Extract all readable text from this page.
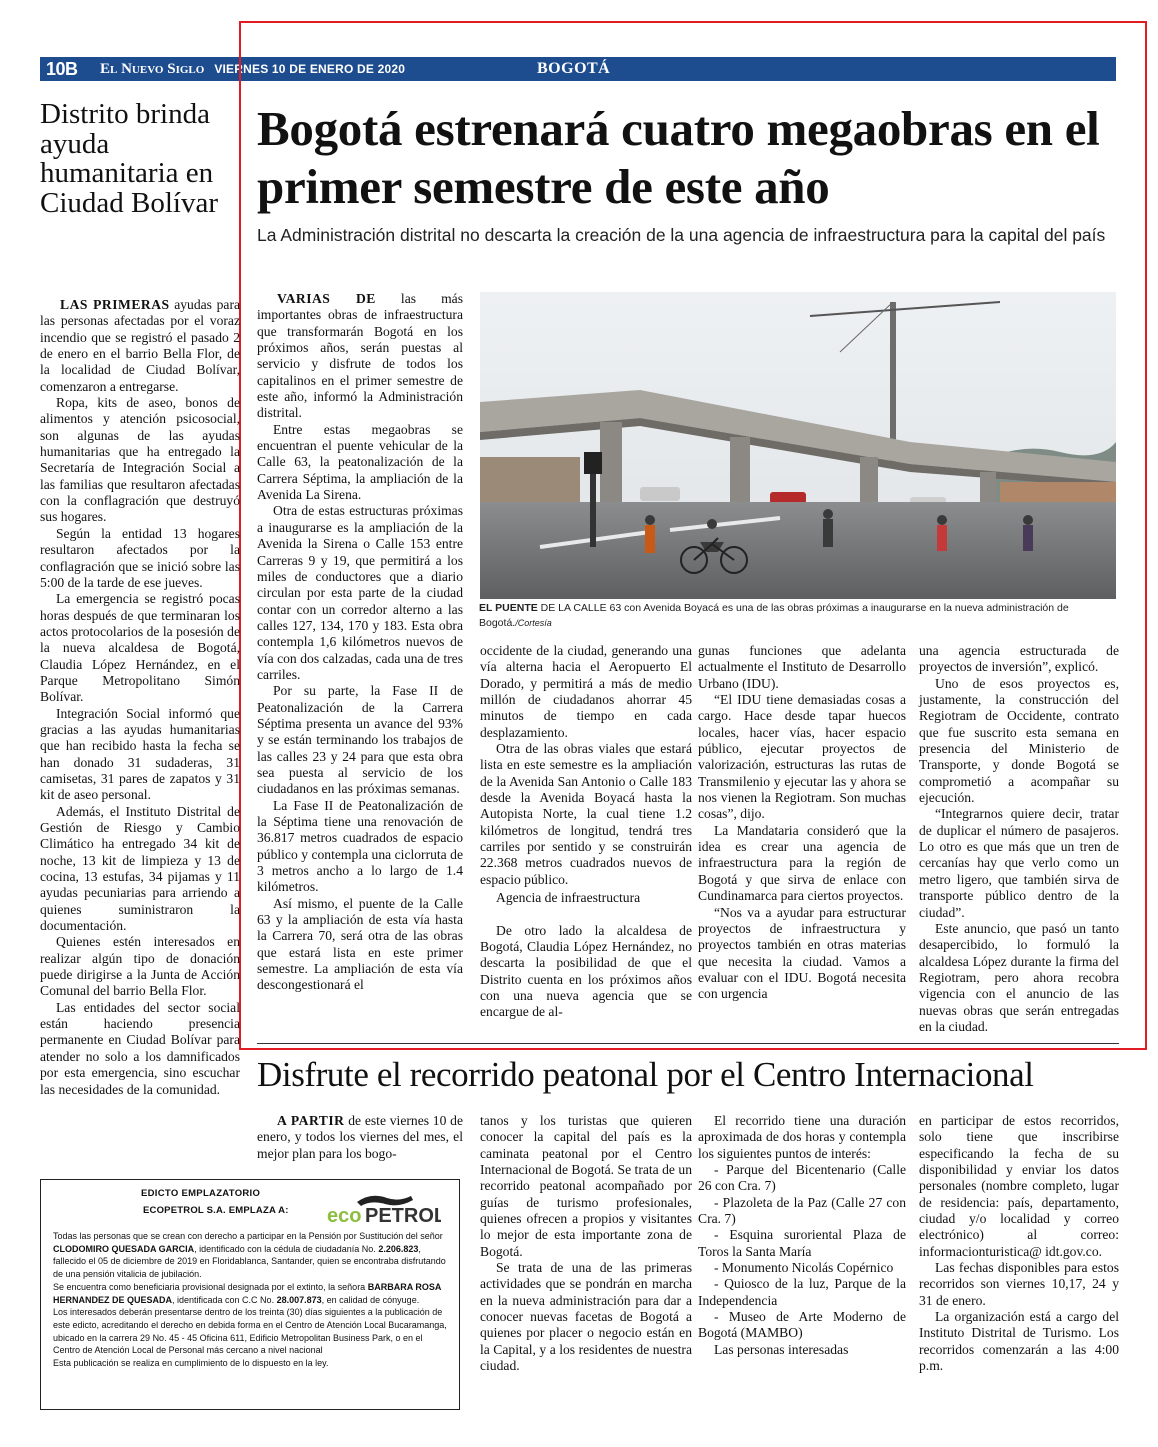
10B	El Nuevo Siglo VIERNES 10 DE ENERO DE 2020	BOGOTÁ
Distrito brinda ayuda humanitaria en Ciudad Bolívar

LAS PRIMERAS ayudas para las personas afectadas por el voraz incendio que se registró el pasado 2 de enero en el barrio Bella Flor, de la localidad de Ciudad Bolívar, comenzaron a entregarse.

Ropa, kits de aseo, bonos de alimentos y atención psicosocial, son algunas de las ayudas humanitarias que ha entregado la Secretaría de Integración Social a las familias que resultaron afectadas con la conflagración que destruyó sus hogares.

Según la entidad 13 hogares resultaron afectados por la conflagración que se inició sobre las 5:00 de la tarde de ese jueves.

La emergencia se registró pocas horas después de que terminaran los actos protocolarios de la posesión de la nueva alcaldesa de Bogotá, Claudia López Hernández, en el Parque Metropolitano Simón Bolívar.

Integración Social informó que gracias a las ayudas humanitarias que han recibido hasta la fecha se han donado 31 sudaderas, 31 camisetas, 31 pares de zapatos y 31 kit de aseo personal.

Además, el Instituto Distrital de Gestión de Riesgo y Cambio Climático ha entregado 34 kit de noche, 13 kit de limpieza y 13 de cocina, 13 estufas, 34 pijamas y 11 ayudas pecuniarias para arriendo a quienes suministraron la documentación.

Quienes estén interesados en realizar algún tipo de donación puede dirigirse a la Junta de Acción Comunal del barrio Bella Flor.

Las entidades del sector social están haciendo presencia permanente en Ciudad Bolívar para atender no solo a los damnificados por esta emergencia, sino escuchar las necesidades de la comunidad.

Bogotá estrenará cuatro megaobras en el primer semestre de este año
La Administración distrital no descarta la creación de la una agencia de infraestructura para la capital del país

VARIAS DE las más importantes obras de infraestructura que transformarán Bogotá en los próximos años, serán puestas al servicio y disfrute de todos los capitalinos en el primer semestre de este año, informó la Administración distrital.

Entre estas megaobras se encuentran el puente vehicular de la Calle 63, la peatonalización de la Carrera Séptima, la ampliación de la Avenida La Sirena.

Otra de estas estructuras próximas a inaugurarse es la ampliación de la Avenida la Sirena o Calle 153 entre Carreras 9 y 19, que permitirá a los miles de conductores que a diario circulan por esta parte de la ciudad contar con un corredor alterno a las calles 127, 134, 170 y 183. Esta obra contempla 1,6 kilómetros nuevos de vía con dos calzadas, cada una de tres carriles.

Por su parte, la Fase II de Peatonalización de la Carrera Séptima presenta un avance del 93% y se están terminando los trabajos de las calles 23 y 24 para que esta obra sea puesta al servicio de los ciudadanos en las próximas semanas.

La Fase II de Peatonalización de la Séptima tiene una renovación de 36.817 metros cuadrados de espacio público y contempla una ciclorruta de 3 metros ancho a lo largo de 1.4 kilómetros.

Así mismo, el puente de la Calle 63 y la ampliación de esta vía hasta la Carrera 70, será otra de las obras que estará lista en este primer semestre. La ampliación de esta vía descongestionará el

EL PUENTE DE LA CALLE 63 con Avenida Boyacá es una de las obras próximas a inaugurarse en la nueva administración de Bogotá./Cortesía

occidente de la ciudad, generando una vía alterna hacia el Aeropuerto El Dorado, y permitirá a más de medio millón de ciudadanos ahorrar 45 minutos de tiempo en cada desplazamiento.

Otra de las obras viales que estará lista en este semestre es la ampliación de la Avenida San Antonio o Calle 183 desde la Avenida Boyacá hasta la Autopista Norte, la cual tiene 1.2 kilómetros de longitud, tendrá tres carriles por sentido y se construirán 22.368 metros cuadrados nuevos de espacio público.

Agencia de infraestructura

De otro lado la alcaldesa de Bogotá, Claudia López Hernández, no descarta la posibilidad de que el Distrito cuenta en los próximos años con una nueva agencia que se encargue de al-

gunas funciones que adelanta actualmente el Instituto de Desarrollo Urbano (IDU).

“El IDU tiene demasiadas cosas a cargo. Hace desde tapar huecos locales, hacer vías, hacer espacio público, ejecutar proyectos de valorización, estructuras las rutas de Transmilenio y ejecutar las y ahora se nos vienen la Regiotram. Son muchas cosas”, dijo.

La Mandataria consideró que la idea es crear una agencia de infraestructura para la región de Bogotá y que sirva de enlace con Cundinamarca para ciertos proyectos.

“Nos va a ayudar para estructurar proyectos de infraestructura y proyectos también en otras materias que necesita la ciudad. Vamos a evaluar con el IDU. Bogotá necesita con urgencia

una agencia estructurada de proyectos de inversión”, explicó.

Uno de esos proyectos es, justamente, la construcción del Regiotram de Occidente, contrato que fue suscrito esta semana en presencia del Ministerio de Transporte, y donde Bogotá se comprometió a acompañar su ejecución.

“Integrarnos quiere decir, tratar de duplicar el número de pasajeros. Lo otro es que más que un tren de cercanías hay que verlo como un metro ligero, que también sirva de transporte público dentro de la ciudad”.

Este anuncio, que pasó un tanto desapercibido, lo formuló la alcaldesa López durante la firma del Regiotram, pero ahora recobra vigencia con el anuncio de las nuevas obras que serán entregadas en la ciudad.

Disfrute el recorrido peatonal por el Centro Internacional

A PARTIR de este viernes 10 de enero, y todos los viernes del mes, el mejor plan para los bogo-

tanos y los turistas que quieren conocer la capital del país es la caminata peatonal por el Centro Internacional de Bogotá. Se trata de un recorrido peatonal acompañado por guías de turismo profesionales, quienes ofrecen a propios y visitantes lo mejor de esta importante zona de Bogotá.

Se trata de una de las primeras actividades que se pondrán en marcha en la nueva administración para dar a conocer nuevas facetas de Bogotá a quienes por placer o negocio están en la Capital, y a los residentes de nuestra ciudad.

El recorrido tiene una duración aproximada de dos horas y contempla los siguientes puntos de interés:

- Parque del Bicentenario (Calle 26 con Cra. 7)

- Plazoleta de la Paz (Calle 27 con Cra. 7)

- Esquina suroriental Plaza de Toros la Santa María

- Monumento Nicolás Copérnico

- Quiosco de la luz, Parque de la Independencia

- Museo de Arte Moderno de Bogotá (MAMBO)

Las personas interesadas

en participar de estos recorridos, solo tiene que inscribirse especificando la fecha de su disponibilidad y enviar los datos personales (nombre completo, lugar de residencia: país, departamento, ciudad y/o localidad y correo electrónico) al correo: informacionturistica@ idt.gov.co.

Las fechas disponibles para estos recorridos son viernes 10,17, 24 y 31 de enero.

La organización está a cargo del Instituto Distrital de Turismo. Los recorridos comenzarán a las 4:00 p.m.

EDICTO EMPLAZATORIO
ECOPETROL S.A. EMPLAZA A:	eco PETROL

Todas las personas que se crean con derecho a participar en la Pensión por Sustitución del señor CLODOMIRO QUESADA GARCIA, identificado con la cédula de ciudadanía No. 2.206.823, fallecido el 05 de diciembre de 2019 en Floridablanca, Santander, quien se encontraba disfrutando de una pensión vitalicia de jubilación.

Se encuentra como beneficiaria provisional designada por el extinto, la señora BARBARA ROSA HERNANDEZ DE QUESADA, identificada con C.C No. 28.007.873, en calidad de cónyuge.

Los interesados deberán presentarse dentro de los treinta (30) días siguientes a la publicación de este edicto, acreditando el derecho en debida forma en el Centro de Atención Local Bucaramanga, ubicado en la carrera 29 No. 45 - 45 Oficina 611, Edificio Metropolitan Business Park, o en el Centro de Atención Local de Personal más cercano a nivel nacional

Esta publicación se realiza en cumplimiento de lo dispuesto en la ley.
